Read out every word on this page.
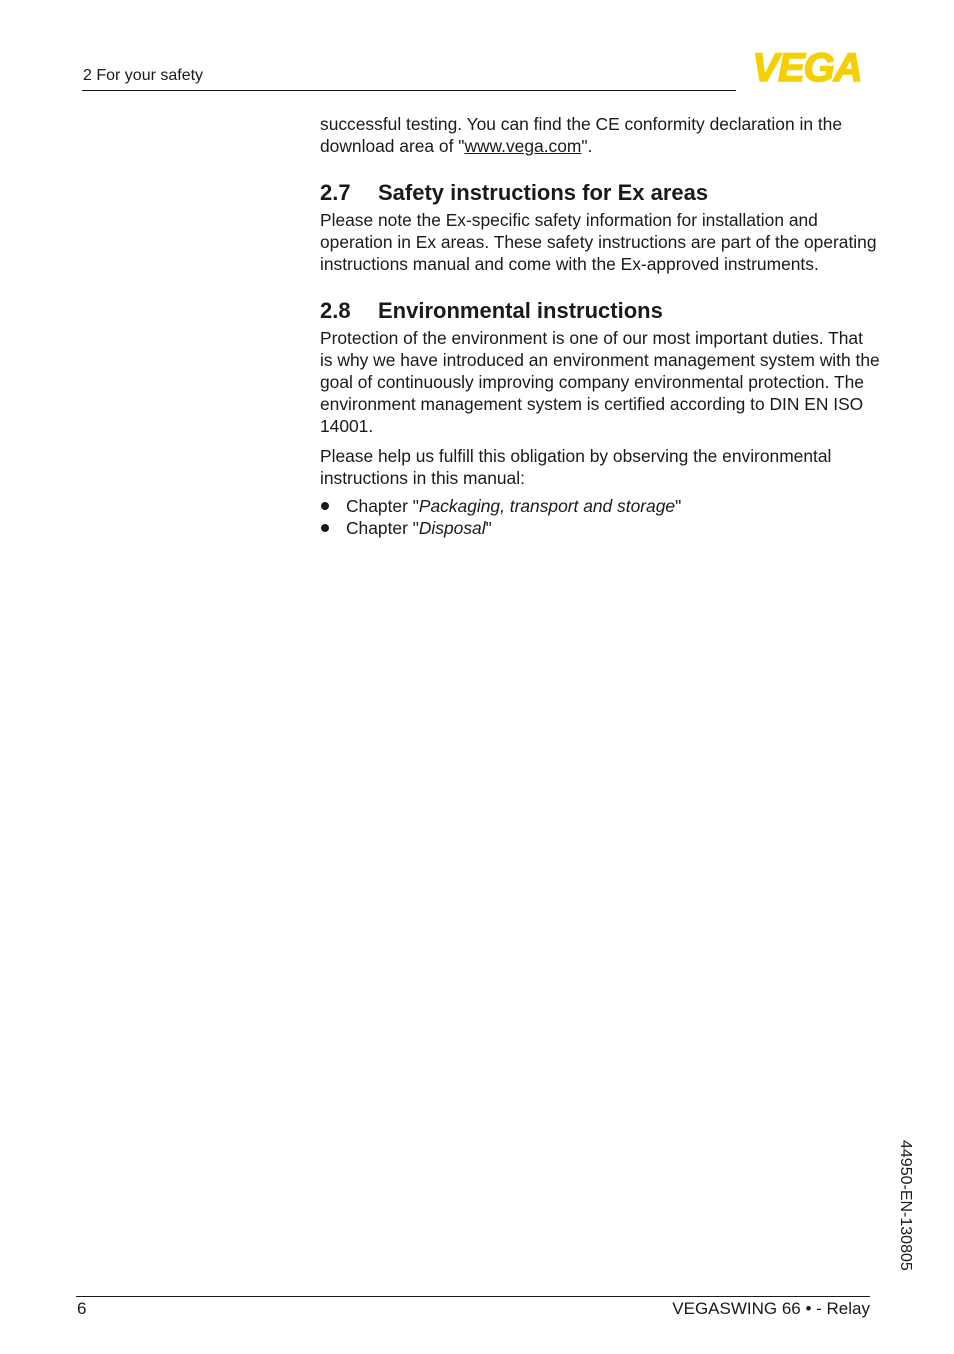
2 For your safety	VEGA

successful testing. You can find the CE conformity declaration in the download area of "www.vega.com".

2.7 Safety instructions for Ex areas

Please note the Ex-specific safety information for installation and operation in Ex areas. These safety instructions are part of the operating instructions manual and come with the Ex-approved instruments.

2.8 Environmental instructions

Protection of the environment is one of our most important duties. That is why we have introduced an environment management system with the goal of continuously improving company environmental protection. The environment management system is certified according to DIN EN ISO 14001.

Please help us fulfill this obligation by observing the environmental instructions in this manual:

Chapter "Packaging, transport and storage"
Chapter "Disposal"
44950-EN-130805
6	VEGASWING 66 • - Relay
